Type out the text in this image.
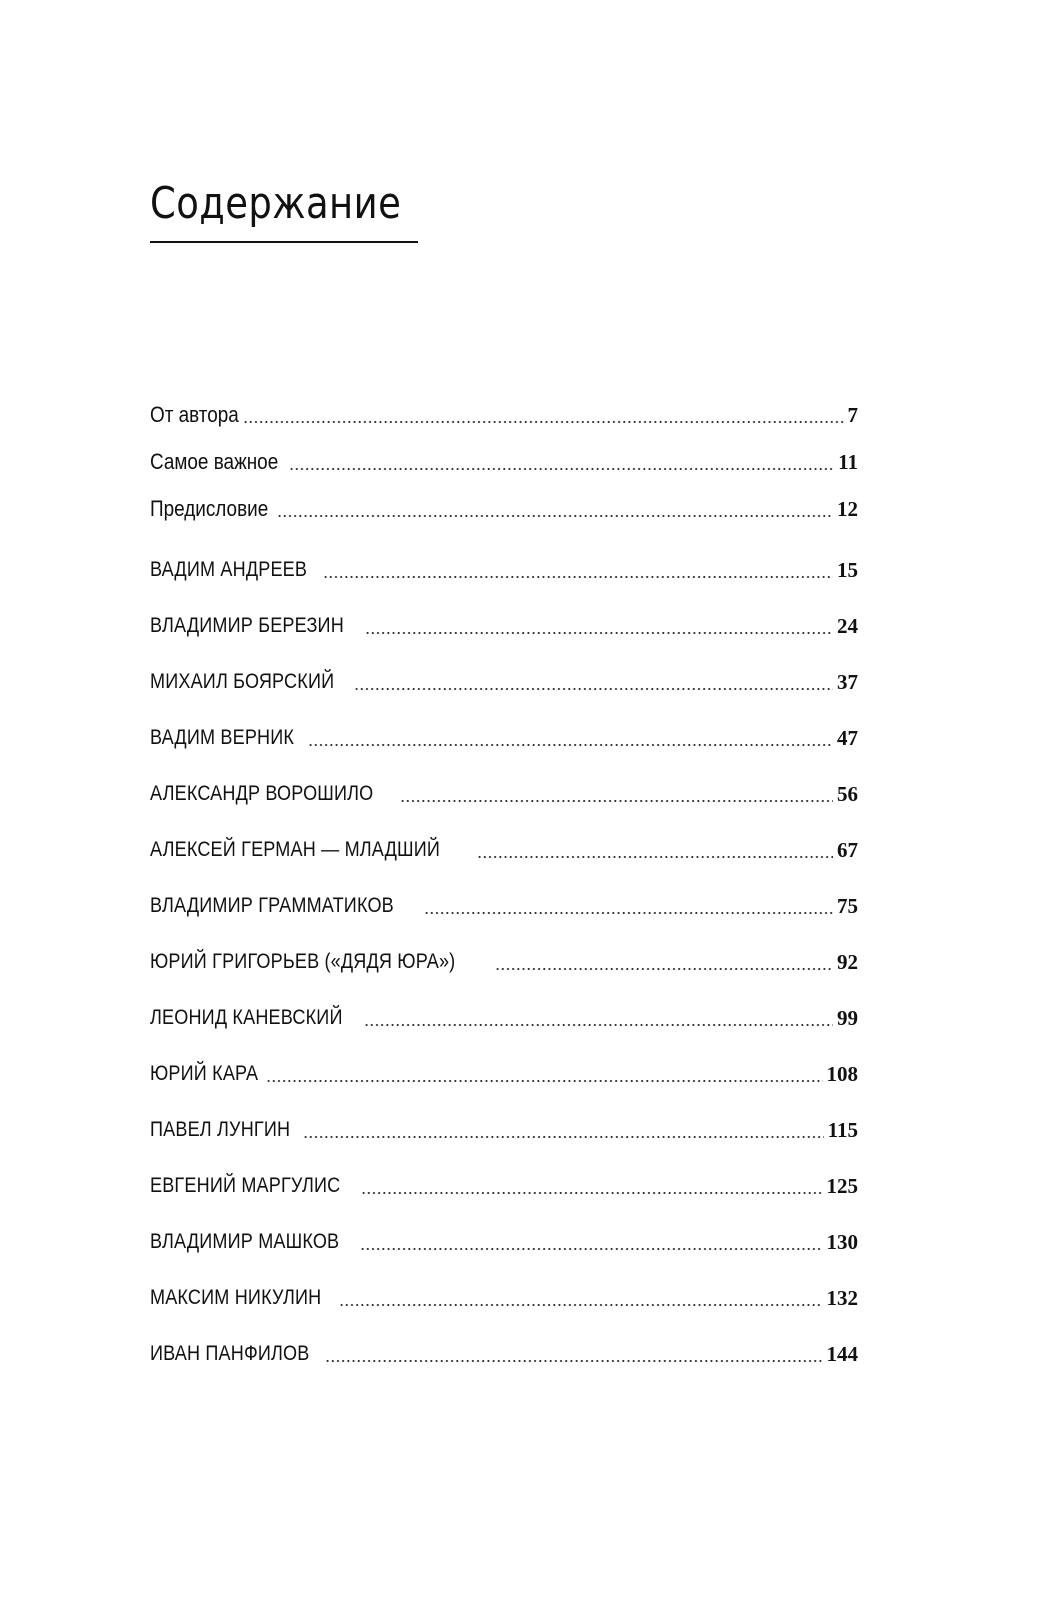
Содержание
От автора	7
Самое важное	11
Предисловие	12
ВАДИМ АНДРЕЕВ	15
ВЛАДИМИР БЕРЕЗИН	24
МИХАИЛ БОЯРСКИЙ	37
ВАДИМ ВЕРНИК	47
АЛЕКСАНДР ВОРОШИЛО	56
АЛЕКСЕЙ ГЕРМАН — МЛАДШИЙ	67
ВЛАДИМИР ГРАММАТИКОВ	75
ЮРИЙ ГРИГОРЬЕВ («ДЯДЯ ЮРА»)	92
ЛЕОНИД КАНЕВСКИЙ	99
ЮРИЙ КАРА	108
ПАВЕЛ ЛУНГИН	115
ЕВГЕНИЙ МАРГУЛИС	125
ВЛАДИМИР МАШКОВ	130
МАКСИМ НИКУЛИН	132
ИВАН ПАНФИЛОВ	144
